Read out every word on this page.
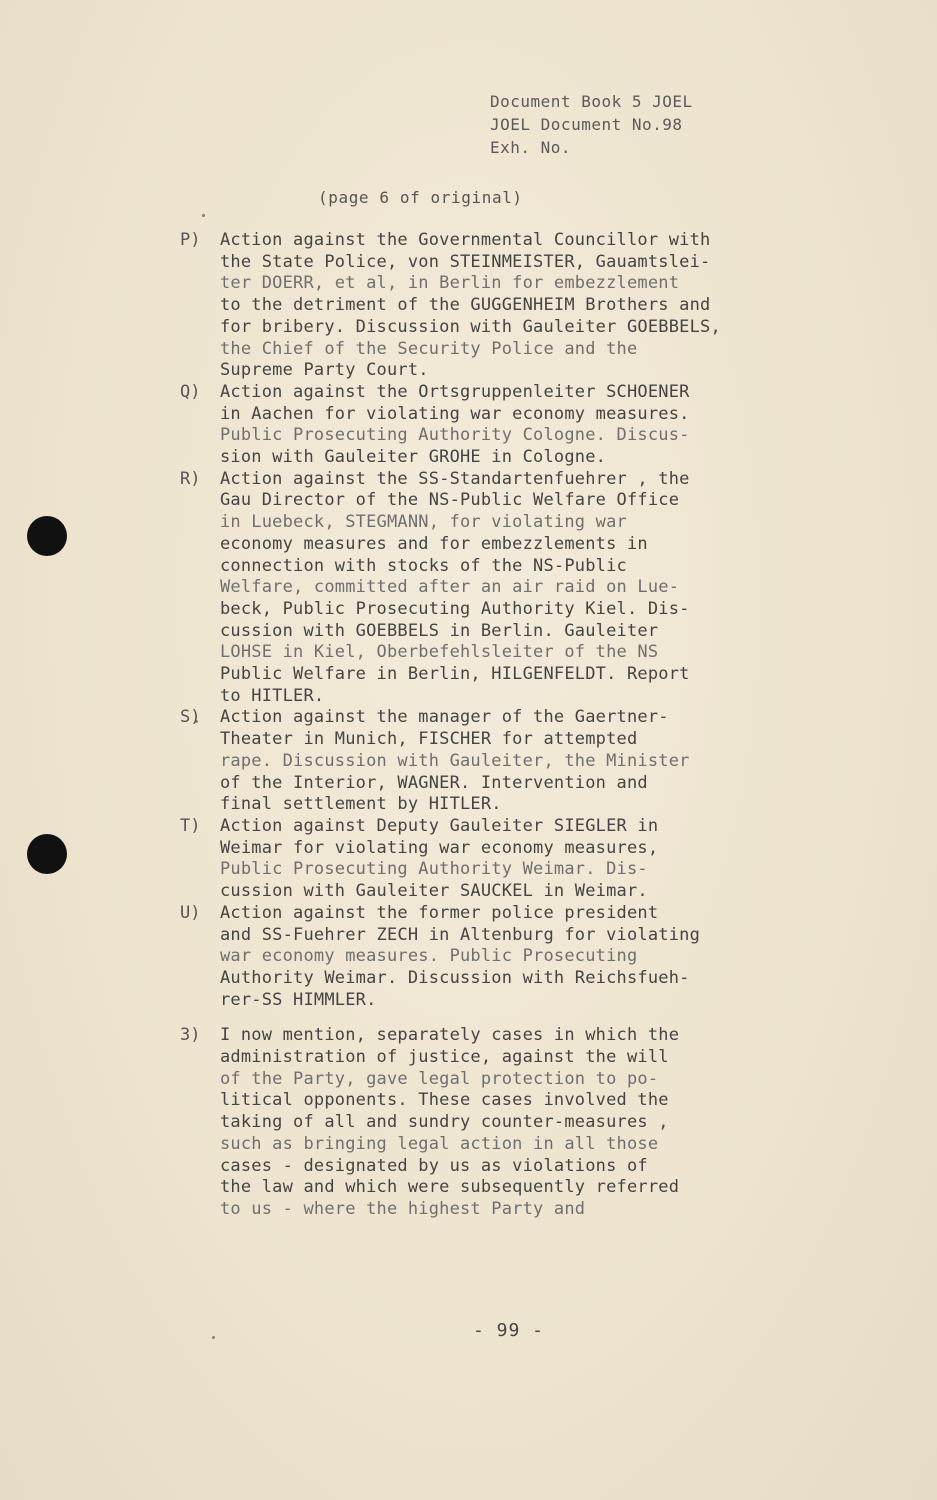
Document Book 5 JOEL
JOEL Document No.98
Exh. No.
(page 6 of original)
P)	Action against the Governmental Councillor with
the State Police, von STEINMEISTER, Gauamtslei-
ter DOERR, et al, in Berlin for embezzlement
to the detriment of the GUGGENHEIM Brothers and
for bribery. Discussion with Gauleiter GOEBBELS,
the Chief of the Security Police and the
Supreme Party Court.
Q)	Action against the Ortsgruppenleiter SCHOENER
in Aachen for violating war economy measures.
Public Prosecuting Authority Cologne. Discus-
sion with Gauleiter GROHE in Cologne.
R)	Action against the SS-Standartenfuehrer , the
Gau Director of the NS-Public Welfare Office
in Luebeck, STEGMANN, for violating war
economy measures and for embezzlements in
connection with stocks of the NS-Public
Welfare, committed after an air raid on Lue-
beck, Public Prosecuting Authority Kiel. Dis-
cussion with GOEBBELS in Berlin. Gauleiter
LOHSE in Kiel, Oberbefehlsleiter of the NS
Public Welfare in Berlin, HILGENFELDT. Report
to HITLER.
S)	Action against the manager of the Gaertner-
Theater in Munich, FISCHER for attempted
rape. Discussion with Gauleiter, the Minister
of the Interior, WAGNER. Intervention and
final settlement by HITLER.
T)	Action against Deputy Gauleiter SIEGLER in
Weimar for violating war economy measures,
Public Prosecuting Authority Weimar. Dis-
cussion with Gauleiter SAUCKEL in Weimar.
U)	Action against the former police president
and SS-Fuehrer ZECH in Altenburg for violating
war economy measures. Public Prosecuting
Authority Weimar. Discussion with Reichsfueh-
rer-SS HIMMLER.
3)	I now mention, separately cases in which the
administration of justice, against the will
of the Party, gave legal protection to po-
litical opponents. These cases involved the
taking of all and sundry counter-measures ,
such as bringing legal action in all those
cases - designated by us as violations of
the law and which were subsequently referred
to us - where the highest Party and
- 99 -
